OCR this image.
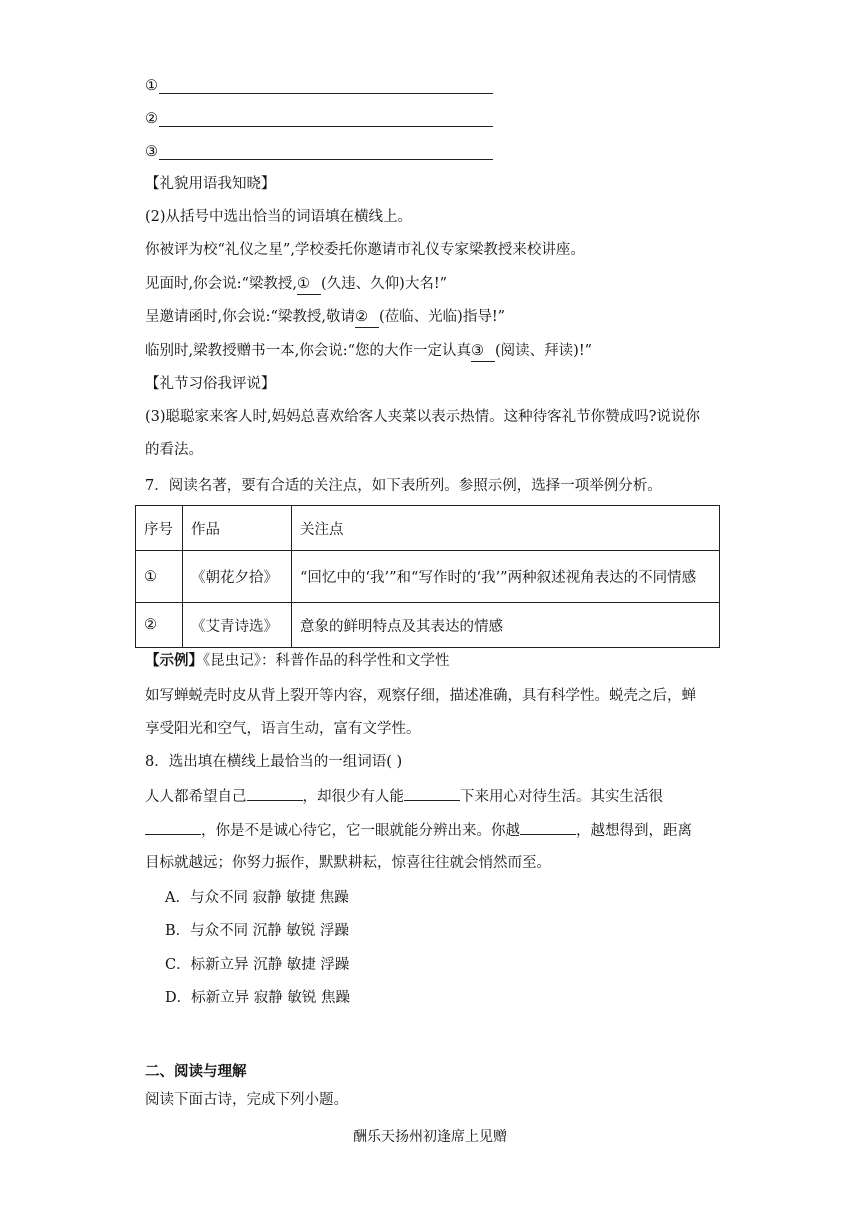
①
②
③
【礼貌用语我知晓】
(2)从括号中选出恰当的词语填在横线上。
你被评为校“礼仪之星”,学校委托你邀请市礼仪专家梁教授来校讲座。
见面时,你会说:“梁教授,① (久违、久仰)大名!”
呈邀请函时,你会说:“梁教授,敬请② (莅临、光临)指导!”
临别时,梁教授赠书一本,你会说:“您的大作一定认真③ (阅读、拜读)!”
【礼节习俗我评说】
(3)聪聪家来客人时,妈妈总喜欢给客人夹菜以表示热情。这种待客礼节你赞成吗?说说你
的看法。
7．阅读名著，要有合适的关注点，如下表所列。参照示例，选择一项举例分析。
序号	作品	关注点
①	《朝花夕拾》	“回忆中的‘我’”和“写作时的‘我’”两种叙述视角表达的不同情感
②	《艾青诗选》	意象的鲜明特点及其表达的情感
【示例】《昆虫记》：科普作品的科学性和文学性
如写蝉蜕壳时皮从背上裂开等内容，观察仔细，描述准确，具有科学性。蜕壳之后，蝉
享受阳光和空气，语言生动，富有文学性。
8．选出填在横线上最恰当的一组词语( )
人人都希望自己	，却很少有人能	下来用心对待生活。其实生活很
，你是不是诚心待它，它一眼就能分辨出来。你越	，越想得到，距离
目标就越远；你努力振作，默默耕耘，惊喜往往就会悄然而至。
A．与众不同 寂静 敏捷 焦躁
B．与众不同 沉静 敏锐 浮躁
C．标新立异 沉静 敏捷 浮躁
D．标新立异 寂静 敏锐 焦躁
二、阅读与理解
阅读下面古诗，完成下列小题。
酬乐天扬州初逢席上见赠
